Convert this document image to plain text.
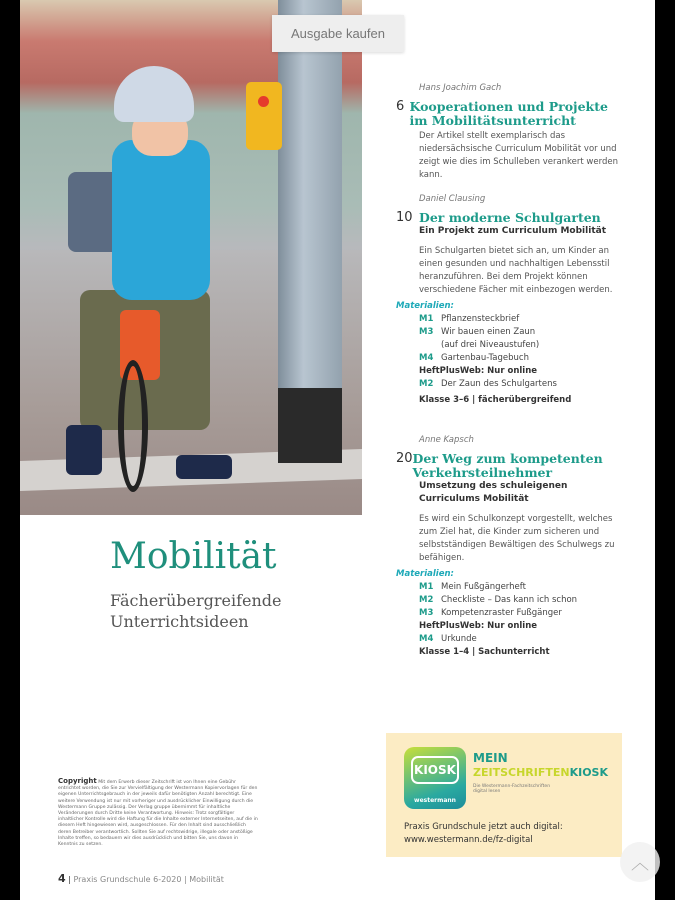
Ausgabe kaufen
Mobilität
Fächerübergreifende
Unterrichtsideen
Hans Joachim Gach
6 Kooperationen und Projekte im Mobilitätsunterricht
Der Artikel stellt exemplarisch das niedersächsische Curriculum Mobilität vor und zeigt wie dies im Schulleben verankert werden kann.
Daniel Clausing
10 Der moderne Schulgarten
Ein Projekt zum Curriculum Mobilität
Ein Schulgarten bietet sich an, um Kinder an einen gesunden und nachhaltigen Lebensstil heranzuführen. Bei dem Projekt können verschiedene Fächer mit einbezogen werden.
Materialien:
M1 Pflanzensteckbrief
M3 Wir bauen einen Zaun (auf drei Niveaustufen)
M4 Gartenbau-Tagebuch
HeftPlusWeb: Nur online
M2 Der Zaun des Schulgartens
Klasse 3–6 | fächerübergreifend
Anne Kapsch
20 Der Weg zum kompetenten Verkehrsteilnehmer
Umsetzung des schuleigenen Curriculums Mobilität
Es wird ein Schulkonzept vorgestellt, welches zum Ziel hat, die Kinder zum sicheren und selbstständigen Bewältigen des Schulwegs zu befähigen.
Materialien:
M1 Mein Fußgängerheft
M2 Checkliste – Das kann ich schon
M3 Kompetenzraster Fußgänger
HeftPlusWeb: Nur online
M4 Urkunde
Klasse 1–4 | Sachunterricht
Copyright Mit dem Erwerb dieser Zeitschrift ist von Ihnen eine Gebühr entrichtet worden, die Sie zur Vervielfältigung der Westermann Kopiervorlagen für den eigenen Unterrichtsgebrauch in der jeweils dafür benötigten Anzahl berechtigt. Eine weitere Verwendung ist nur mit vorheriger und ausdrücklicher Einwilligung durch die Westermann Gruppe zulässig. Der Verlag gruppe übernimmt für inhaltliche Veränderungen durch Dritte keine Verantwortung. Hinweis: Trotz sorgfältiger inhaltlicher Kontrolle wird die Haftung für die Inhalte externer Internetseiten, auf die in diesem Heft hingewiesen wird, ausgeschlossen. Für den Inhalt sind ausschließlich deren Betreiber verantwortlich. Sollten Sie auf rechtswidrige, illegale oder anstößige Inhalte treffen, so bedauern wir dies ausdrücklich und bitten Sie, uns davon in Kenntnis zu setzen.
4 | Praxis Grundschule 6-2020 | Mobilität
KIOSK
westermann
MEIN
ZEITSCHRIFTENKIOSK
Die Westermann-Fachzeitschriften digital lesen
Praxis Grundschule jetzt auch digital:
www.westermann.de/fz-digital
︿
